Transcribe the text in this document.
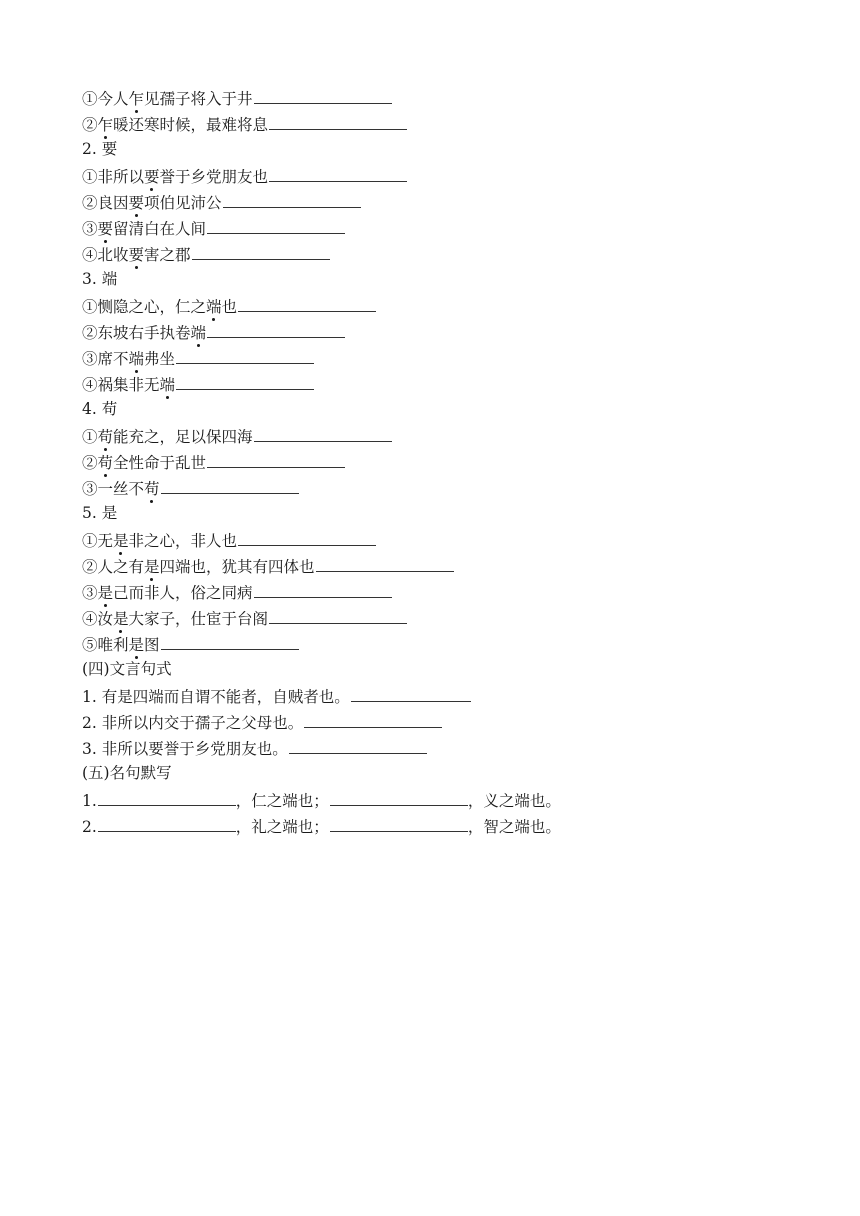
①今人乍见孺子将入于井
②乍暖还寒时候，最难将息
2. 要
①非所以要誉于乡党朋友也
②良因要项伯见沛公
③要留清白在人间
④北收要害之郡
3. 端
①恻隐之心，仁之端也
②东坡右手执卷端
③席不端弗坐
④祸集非无端
4. 苟
①苟能充之，足以保四海
②苟全性命于乱世
③一丝不苟
5. 是
①无是非之心，非人也
②人之有是四端也，犹其有四体也
③是己而非人，俗之同病
④汝是大家子，仕宦于台阁
⑤唯利是图
(四)文言句式
1. 有是四端而自谓不能者，自贼者也。
2. 非所以内交于孺子之父母也。
3. 非所以要誉于乡党朋友也。
(五)名句默写
1.	，仁之端也；	，义之端也。
2.	，礼之端也；	，智之端也。
